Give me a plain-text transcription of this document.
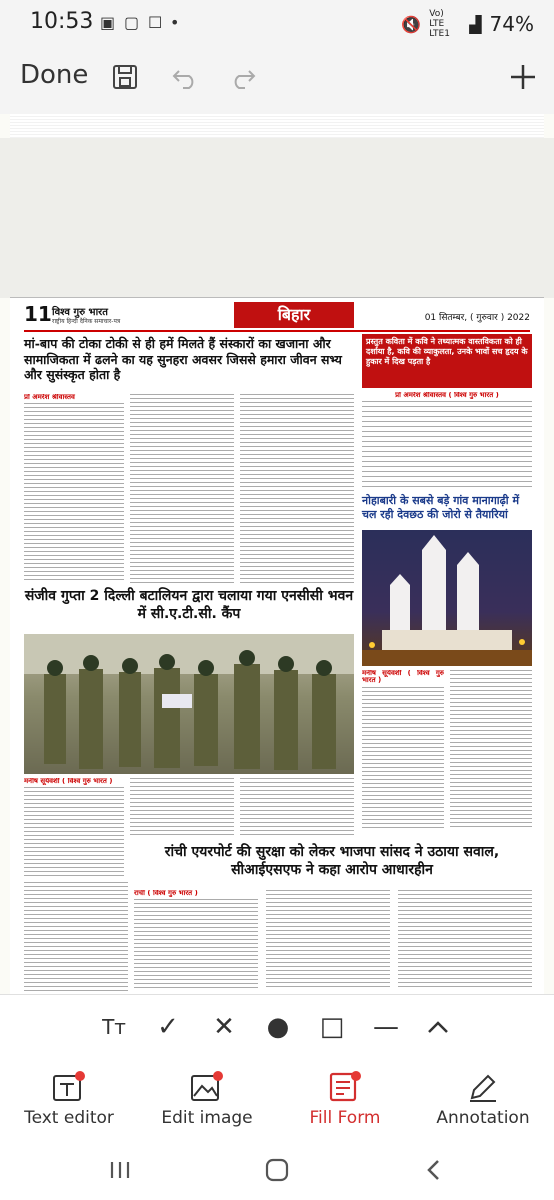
10:53 ▣ ▢ ☐ •	🔇
Vo) LTE LTE1
▟ 74%
Done
11 विश्व गुरु भारत
राष्ट्रीय हिन्दी दैनिक समाचार-पत्र	बिहार	01 सितम्बर, ( गुरुवार ) 2022
मां-बाप की टोका टोकी से ही हमें मिलते हैं संस्कारों का खजाना और सामाजिकता में ढलने का यह सुनहरा अवसर जिससे हमारा जीवन सभ्य और सुसंस्कृत होता है
प्रस्तुत कविता में कवि ने तथ्यात्मक वास्तविकता को ही दर्शाया है, कवि की व्याकुलता, उनके भावों सच हृदय के हुकार में दिख पड़ता है
प्रो अमरेश श्रीवास्तव	प्रो अमरेश श्रीवास्तव ( विश्व गुरु भारत )
संजीव गुप्ता 2 दिल्ली बटालियन द्वारा चलाया गया एनसीसी भवन में सी.ए.टी.सी. कैंप
नोहाबारी के सबसे बड़े गांव मानागाढ़ी में चल रही देवछठ की जोरो से तैयारियां
मनीष सूर्यवंशी ( विश्व गुरु भारत )
मनीष सूर्यवंशी ( विश्व गुरु भारत )
रांची एयरपोर्ट की सुरक्षा को लेकर भाजपा सांसद ने उठाया सवाल, सीआईएसएफ ने कहा आरोप आधारहीन
रांची ( विश्व गुरु भारत )
Tт ✓ ✕ ● □ —
Text editor	Edit image	Fill Form	Annotation
